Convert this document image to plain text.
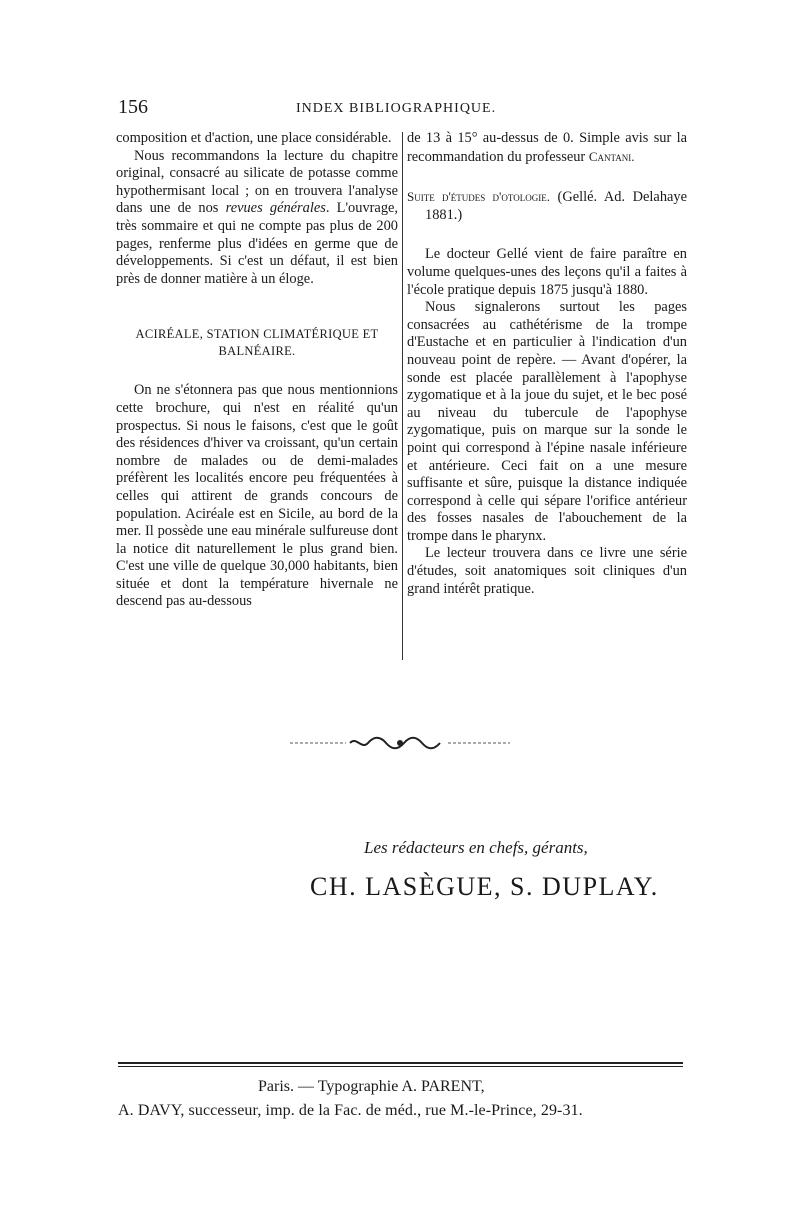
156	INDEX BIBLIOGRAPHIQUE.

composition et d'action, une place considérable.

Nous recommandons la lecture du chapitre original, consacré au silicate de potasse comme hypothermisant local ; on en trouvera l'analyse dans une de nos revues générales. L'ouvrage, très sommaire et qui ne compte pas plus de 200 pages, renferme plus d'idées en germe que de développements. Si c'est un défaut, il est bien près de donner matière à un éloge.

ACIRÉALE, STATION CLIMATÉRIQUE ET BALNÉAIRE.

On ne s'étonnera pas que nous mentionnions cette brochure, qui n'est en réalité qu'un prospectus. Si nous le faisons, c'est que le goût des résidences d'hiver va croissant, qu'un certain nombre de malades ou de demi-malades préfèrent les localités encore peu fréquentées à celles qui attirent de grands concours de population. Aciréale est en Sicile, au bord de la mer. Il possède une eau minérale sulfureuse dont la notice dit naturellement le plus grand bien. C'est une ville de quelque 30,000 habitants, bien située et dont la température hivernale ne descend pas au-dessous

de 13 à 15° au-dessus de 0. Simple avis sur la recommandation du professeur Cantani.

Suite d'études d'otologie. (Gellé. Ad. Delahaye 1881.)

Le docteur Gellé vient de faire paraître en volume quelques-unes des leçons qu'il a faites à l'école pratique depuis 1875 jusqu'à 1880.

Nous signalerons surtout les pages consacrées au cathétérisme de la trompe d'Eustache et en particulier à l'indication d'un nouveau point de repère. — Avant d'opérer, la sonde est placée parallèlement à l'apophyse zygomatique et à la joue du sujet, et le bec posé au niveau du tubercule de l'apophyse zygomatique, puis on marque sur la sonde le point qui correspond à l'épine nasale inférieure et antérieure. Ceci fait on a une mesure suffisante et sûre, puisque la distance indiquée correspond à celle qui sépare l'orifice antérieur des fosses nasales de l'abouchement de la trompe dans le pharynx.

Le lecteur trouvera dans ce livre une série d'études, soit anatomiques soit cliniques d'un grand intérêt pratique.

Les rédacteurs en chefs, gérants,
CH. LASÈGUE, S. DUPLAY.
Paris. — Typographie A. PARENT,
A. DAVY, successeur, imp. de la Fac. de méd., rue M.-le-Prince, 29-31.
